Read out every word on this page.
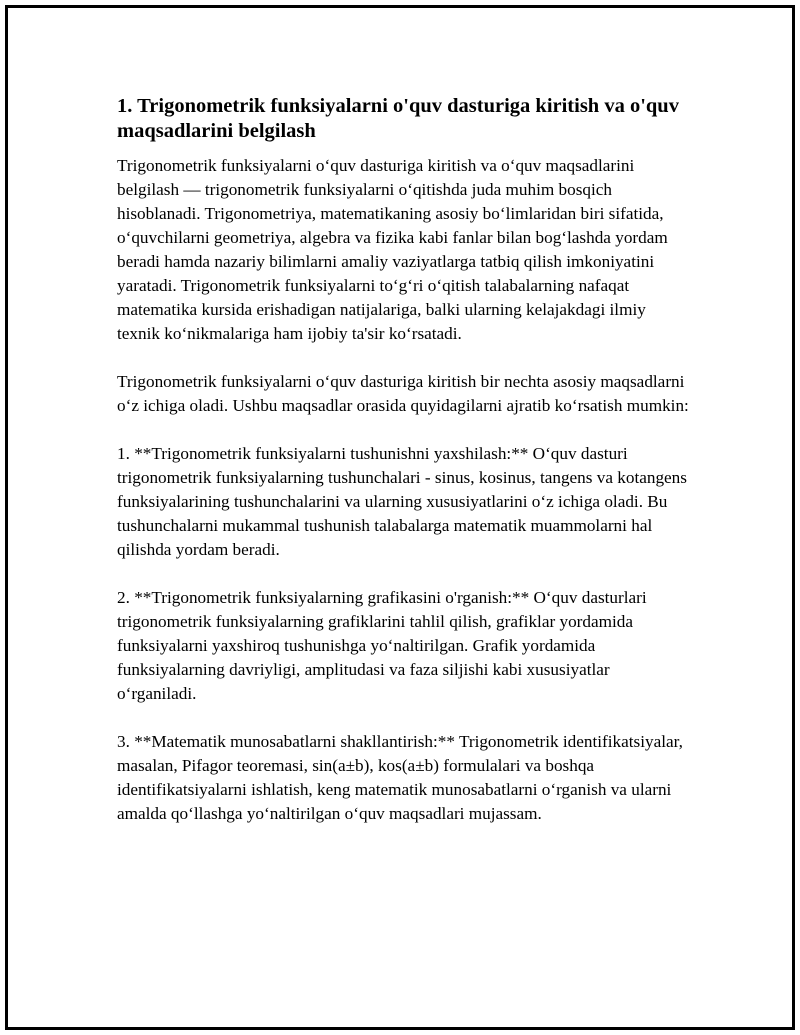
1. Trigonometrik funksiyalarni o'quv dasturiga kiritish va o'quv maqsadlarini belgilash

Trigonometrik funksiyalarni o‘quv dasturiga kiritish va o‘quv maqsadlarini belgilash — trigonometrik funksiyalarni o‘qitishda juda muhim bosqich hisoblanadi. Trigonometriya, matematikaning asosiy bo‘limlaridan biri sifatida, o‘quvchilarni geometriya, algebra va fizika kabi fanlar bilan bog‘lashda yordam beradi hamda nazariy bilimlarni amaliy vaziyatlarga tatbiq qilish imkoniyatini yaratadi. Trigonometrik funksiyalarni to‘g‘ri o‘qitish talabalarning nafaqat matematika kursida erishadigan natijalariga, balki ularning kelajakdagi ilmiy texnik ko‘nikmalariga ham ijobiy ta'sir ko‘rsatadi.

Trigonometrik funksiyalarni o‘quv dasturiga kiritish bir nechta asosiy maqsadlarni o‘z ichiga oladi. Ushbu maqsadlar orasida quyidagilarni ajratib ko‘rsatish mumkin:

1. **Trigonometrik funksiyalarni tushunishni yaxshilash:** O‘quv dasturi trigonometrik funksiyalarning tushunchalari - sinus, kosinus, tangens va kotangens funksiyalarining tushunchalarini va ularning xususiyatlarini o‘z ichiga oladi. Bu tushunchalarni mukammal tushunish talabalarga matematik muammolarni hal qilishda yordam beradi.

2. **Trigonometrik funksiyalarning grafikasini o'rganish:** O‘quv dasturlari trigonometrik funksiyalarning grafiklarini tahlil qilish, grafiklar yordamida funksiyalarni yaxshiroq tushunishga yo‘naltirilgan. Grafik yordamida funksiyalarning davriyligi, amplitudasi va faza siljishi kabi xususiyatlar o‘rganiladi.

3. **Matematik munosabatlarni shakllantirish:** Trigonometrik identifikatsiyalar, masalan, Pifagor teoremasi, sin(a±b), kos(a±b) formulalari va boshqa identifikatsiyalarni ishlatish, keng matematik munosabatlarni o‘rganish va ularni amalda qo‘llashga yo‘naltirilgan o‘quv maqsadlari mujassam.
